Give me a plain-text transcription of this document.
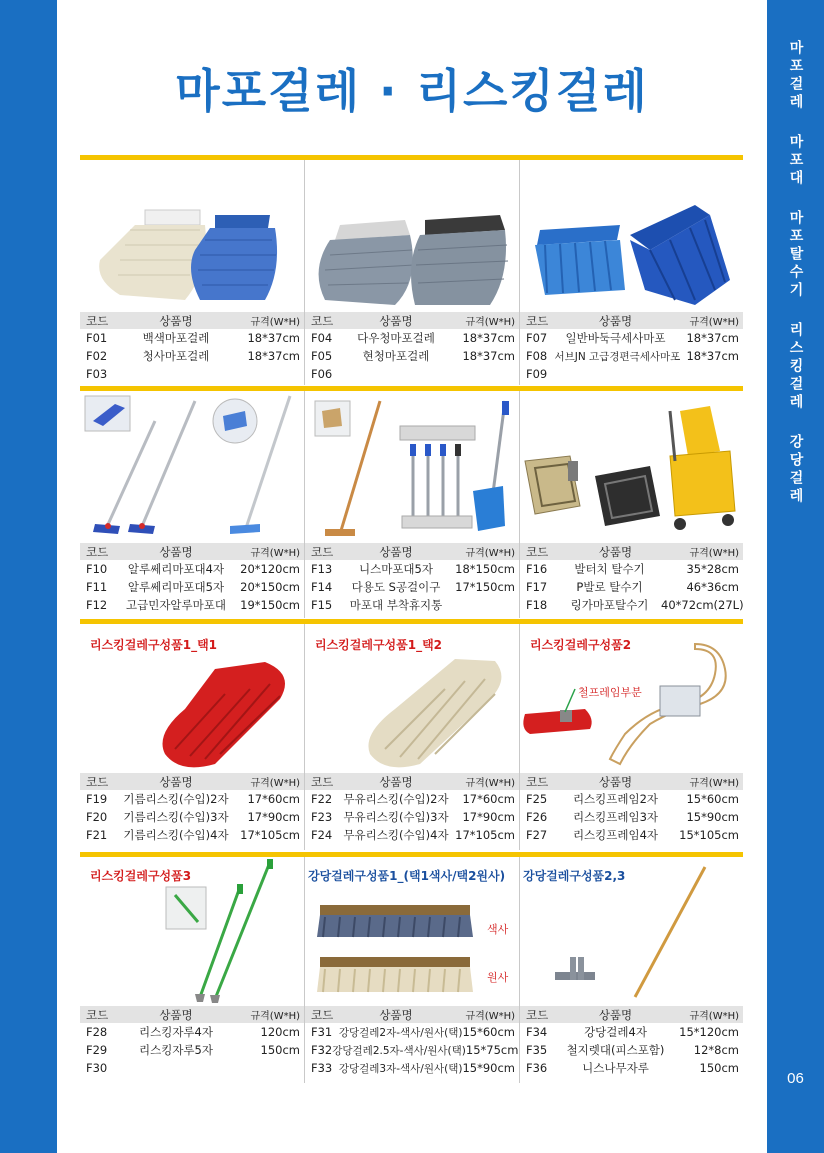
마포걸레
마포대
마포탈수기
리스킹걸레
강당걸레
06
마포걸레 · 리스킹걸레
코드	상품명	규격(W*H)
F01	백색마포걸레	18*37cm
F02	청사마포걸레	18*37cm
F03
코드	상품명	규격(W*H)
F04	다우청마포걸레	18*37cm
F05	현청마포걸레	18*37cm
F06
코드	상품명	규격(W*H)
F07	일반바둑극세사마포	18*37cm
F08 서브JN 고급경편극세사마포 18*37cm
F09
코드	상품명	규격(W*H)
F10	알루쎄리마포대4자	20*120cm
F11	알루쎄리마포대5자	20*150cm
F12	고급민자알루마포대	19*150cm
코드	상품명	규격(W*H)
F13	니스마포대5자	18*150cm
F14	다용도 S공걸이구	17*150cm
F15	마포대 부착휴지통
코드	상품명	규격(W*H)
F16	발터치 탈수기	35*28cm
F17	P발로 탈수기	46*36cm
F18	링가마포탈수기	40*72cm(27L)
리스킹걸레구성품1_택1
코드	상품명	규격(W*H)
F19	기름리스킹(수입)2자	17*60cm
F20	기름리스킹(수입)3자	17*90cm
F21	기름리스킹(수입)4자	17*105cm
리스킹걸레구성품1_택2
코드	상품명	규격(W*H)
F22 무유리스킹(수입)2자	17*60cm
F23 무유리스킹(수입)3자	17*90cm
F24 무유리스킹(수입)4자 17*105cm
리스킹걸레구성품2
철프레임부분
코드	상품명	규격(W*H)
F25	리스킹프레임2자	15*60cm
F26	리스킹프레임3자	15*90cm
F27	리스킹프레임4자	15*105cm
리스킹걸레구성품3
코드	상품명	규격(W*H)
F28	리스킹자루4자	120cm
F29	리스킹자루5자	150cm
F30
강당걸레구성품1_(택1색사/택2원사)
색사
원사
코드	상품명	규격(W*H)
F31 강당걸레2자-색사/원사(택) 15*60cm
F32 강당걸레2.5자-색사/원사(택) 15*75cm
F33 강당걸레3자-색사/원사(택) 15*90cm
강당걸레구성품2,3
코드	상품명	규격(W*H)
F34	강당걸레4자	15*120cm
F35	철지렛대(피스포함)	12*8cm
F36	니스나무자루	150cm
